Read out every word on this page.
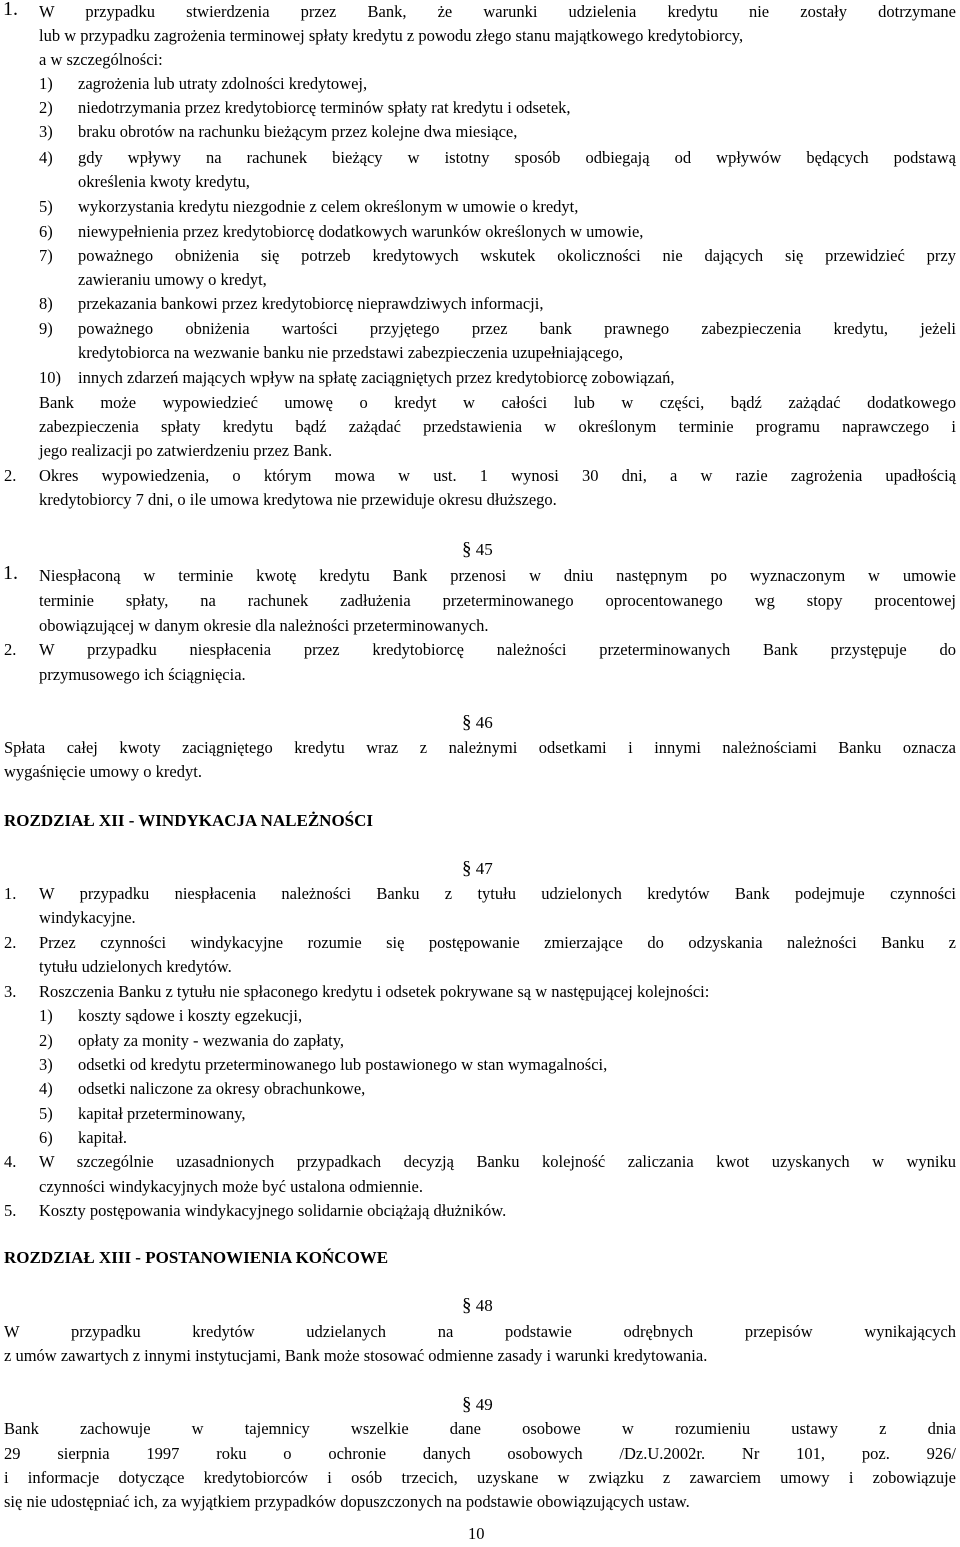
1. W przypadku stwierdzenia przez Bank, że warunki udzielenia kredytu nie zostały dotrzymane
lub w przypadku zagrożenia terminowej spłaty kredytu z powodu złego stanu majątkowego kredytobiorcy,
a w szczególności:
1) zagrożenia lub utraty zdolności kredytowej,
2) niedotrzymania przez kredytobiorcę terminów spłaty rat kredytu i odsetek,
3) braku obrotów na rachunku bieżącym przez kolejne dwa miesiące,
4) gdy wpływy na rachunek bieżący w istotny sposób odbiegają od wpływów będących podstawą
określenia kwoty kredytu,
5) wykorzystania kredytu niezgodnie z celem określonym w umowie o kredyt,
6) niewypełnienia przez kredytobiorcę dodatkowych warunków określonych w umowie,
7) poważnego obniżenia się potrzeb kredytowych wskutek okoliczności nie dających się przewidzieć przy
zawieraniu umowy o kredyt,
8) przekazania bankowi przez kredytobiorcę nieprawdziwych informacji,
9) poważnego obniżenia wartości przyjętego przez bank prawnego zabezpieczenia kredytu, jeżeli
kredytobiorca na wezwanie banku nie przedstawi zabezpieczenia uzupełniającego,
10) innych zdarzeń mających wpływ na spłatę zaciągniętych przez kredytobiorcę zobowiązań,
Bank może wypowiedzieć umowę o kredyt w całości lub w części, bądź zażądać dodatkowego
zabezpieczenia spłaty kredytu bądź zażądać przedstawienia w określonym terminie programu naprawczego i
jego realizacji po zatwierdzeniu przez Bank.
2. Okres wypowiedzenia, o którym mowa w ust. 1 wynosi 30 dni, a w razie zagrożenia upadłością
kredytobiorcy 7 dni, o ile umowa kredytowa nie przewiduje okresu dłuższego.
§ 45
1. Niespłaconą w terminie kwotę kredytu Bank przenosi w dniu następnym po wyznaczonym w umowie
terminie spłaty, na rachunek zadłużenia przeterminowanego oprocentowanego wg stopy procentowej
obowiązującej w danym okresie dla należności przeterminowanych.
2. W przypadku niespłacenia przez kredytobiorcę należności przeterminowanych Bank przystępuje do
przymusowego ich ściągnięcia.
§ 46
Spłata całej kwoty zaciągniętego kredytu wraz z należnymi odsetkami i innymi należnościami Banku oznacza
wygaśnięcie umowy o kredyt.
ROZDZIAŁ XII - WINDYKACJA NALEŻNOŚCI
§ 47
1. W przypadku niespłacenia należności Banku z tytułu udzielonych kredytów Bank podejmuje czynności
windykacyjne.
2. Przez czynności windykacyjne rozumie się postępowanie zmierzające do odzyskania należności Banku z
tytułu udzielonych kredytów.
3. Roszczenia Banku z tytułu nie spłaconego kredytu i odsetek pokrywane są w następującej kolejności:
1) koszty sądowe i koszty egzekucji,
2) opłaty za monity - wezwania do zapłaty,
3) odsetki od kredytu przeterminowanego lub postawionego w stan wymagalności,
4) odsetki naliczone za okresy obrachunkowe,
5) kapitał przeterminowany,
6) kapitał.
4. W szczególnie uzasadnionych przypadkach decyzją Banku kolejność zaliczania kwot uzyskanych w wyniku
czynności windykacyjnych może być ustalona odmiennie.
5. Koszty postępowania windykacyjnego solidarnie obciążają dłużników.
ROZDZIAŁ XIII - POSTANOWIENIA KOŃCOWE
§ 48
W przypadku kredytów udzielanych na podstawie odrębnych przepisów wynikających
z umów zawartych z innymi instytucjami, Bank może stosować odmienne zasady i warunki kredytowania.
§ 49
Bank zachowuje w tajemnicy wszelkie dane osobowe w rozumieniu ustawy z dnia
29 sierpnia 1997 roku o ochronie danych osobowych /Dz.U.2002r. Nr 101, poz. 926/
i informacje dotyczące kredytobiorców i osób trzecich, uzyskane w związku z zawarciem umowy i zobowiązuje
się nie udostępniać ich, za wyjątkiem przypadków dopuszczonych na podstawie obowiązujących ustaw.
10
